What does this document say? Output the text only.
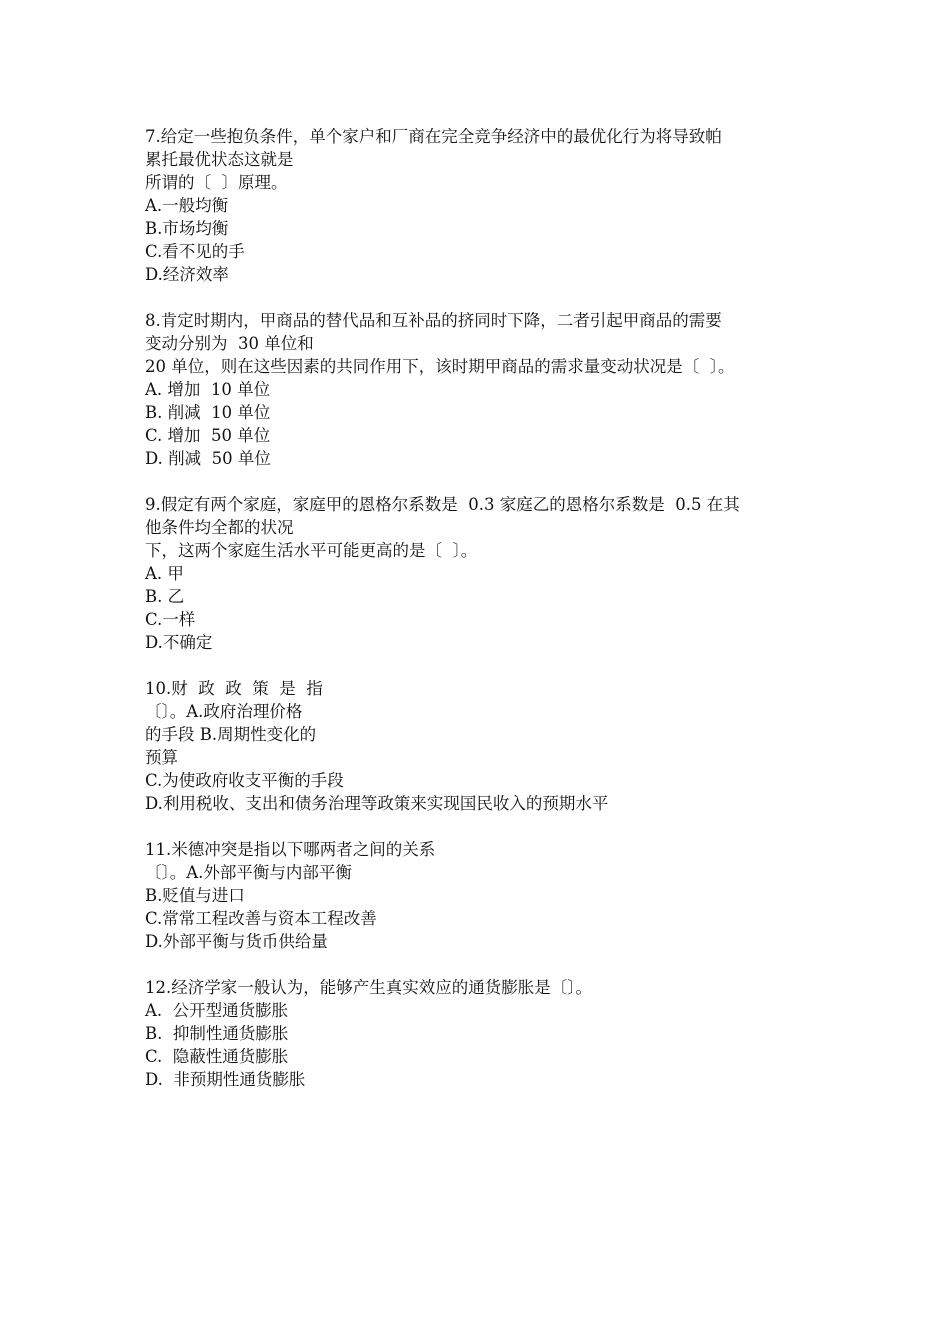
7.给定一些抱负条件，单个家户和厂商在完全竞争经济中的最优化行为将导致帕
累托最优状态这就是
所谓的〔  〕原理。
A.一般均衡
B.市场均衡
C.看不见的手
D.经济效率
8.肯定时期内，甲商品的替代品和互补品的挤同时下降，二者引起甲商品的需要
变动分别为  30 单位和
20 单位，则在这些因素的共同作用下，该时期甲商品的需求量变动状况是〔  〕。
A. 增加  10 单位
B. 削减  10 单位
C. 增加  50 单位
D. 削减  50 单位
9.假定有两个家庭，家庭甲的恩格尔系数是  0.3 家庭乙的恩格尔系数是  0.5 在其
他条件均全都的状况
下，这两个家庭生活水平可能更高的是〔  〕。
A. 甲
B. 乙
C.一样
D.不确定
10.财  政  政  策  是  指
〔〕。A.政府治理价格
的手段 B.周期性变化的
预算
C.为使政府收支平衡的手段
D.利用税收、支出和债务治理等政策来实现国民收入的预期水平
11.米德冲突是指以下哪两者之间的关系
〔〕。A.外部平衡与内部平衡
B.贬值与进口
C.常常工程改善与资本工程改善
D.外部平衡与货币供给量
12.经济学家一般认为，能够产生真实效应的通货膨胀是〔〕。
A.  公开型通货膨胀
B.  抑制性通货膨胀
C.  隐蔽性通货膨胀
D.  非预期性通货膨胀
